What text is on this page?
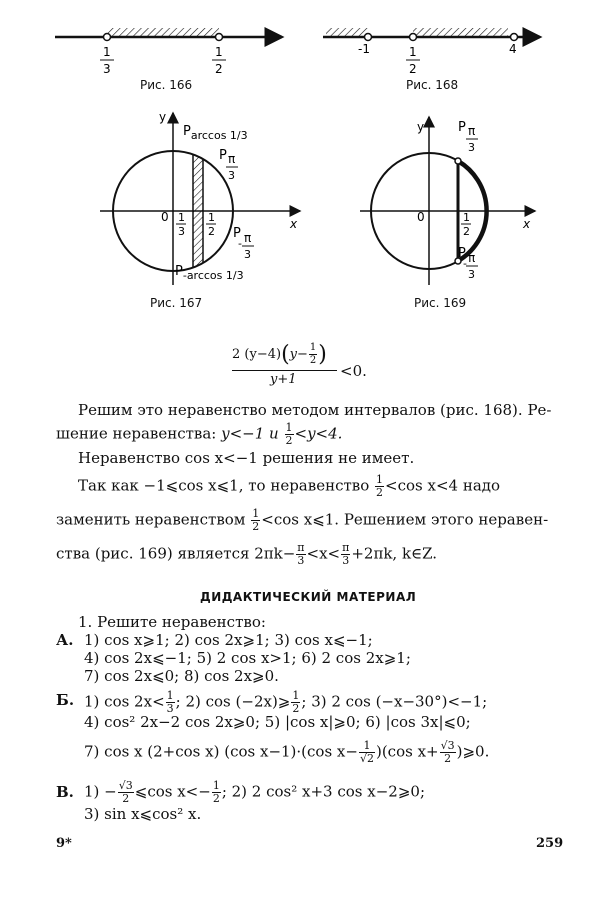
1
3
1
2
Рис. 166
-1	1
2
4
Рис. 168
x
y
0
$P_{arccos 1/3}$
P π
3
P
- π
3
$P_{-arccos 1/3}$
1
3
1
2
Рис. 167
x
y
0
P π
3
P
- π
3
1
2
Рис. 169
2 $(y-4)(y- \frac{1}{2}$ )
y+1	<0.
Решим это неравенство методом интервалов (рис. 168). Ре-
шение неравенства: y<−1 и $\frac{1}{2} <y<4$.
Неравенство cos x<−1 решения не имеет.
Так как −1⩽cos x⩽1, то неравенство $\frac{1}{2} <\cos$ x<4 надо
заменить неравенством $\frac{1}{2} <\cos$ x⩽1. Решением этого неравен-
ства (рис. 169) является $2\pi k- \frac{\pi}{3} <x< \frac{\pi}{3} +2\pi k$, k∈Z.
ДИДАКТИЧЕСКИЙ МАТЕРИАЛ
1. Решите неравенство:
А. 1) cos x⩾1; 2) cos 2x⩾1; 3) cos x⩽−1;
4) cos 2x⩽−1; 5) 2 cos x>1; 6) 2 cos 2x⩾1;
7) cos 2x⩽0; 8) cos 2x⩾0.
Б. 1) $\cos 2x< \frac{1}{3}$ ; 2) cos (−2x)⩾ $\frac{1}{2}$ ; 3) 2 cos (−x−30°)<−1;
4) cos² 2x−2 cos 2x⩾0; 5) |cos x|⩾0; 6) |cos 3x|⩽0;
7) cos x (2+cos x) (cos x−1)·(cos $x- \frac{1}{√2} )(\cos$ $x+ \frac{√3}{2}$ )⩾0.
В. $1) - \frac{√3}{2}$ ⩽cos $x<- \frac{1}{2}$ ; 2) 2 cos² x+3 cos x−2⩾0;
3) sin x⩽cos² x.
9*	259
